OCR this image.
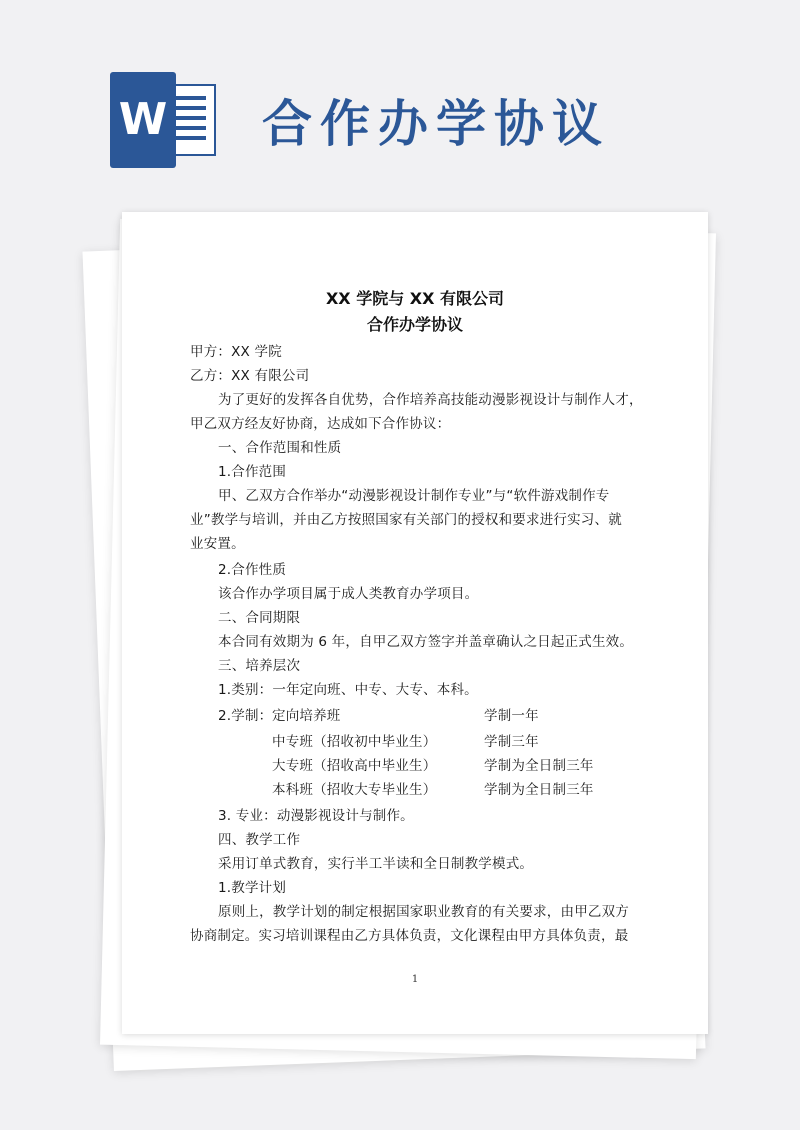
W 合作办学协议
XX 学院与 XX 有限公司
合作办学协议
甲方：XX 学院
乙方：XX 有限公司
为了更好的发挥各自优势，合作培养高技能动漫影视设计与制作人才，
甲乙双方经友好协商，达成如下合作协议：
一、合作范围和性质
1.合作范围
甲、乙双方合作举办“动漫影视设计制作专业”与“软件游戏制作专
业”教学与培训，并由乙方按照国家有关部门的授权和要求进行实习、就
业安置。
2.合作性质
该合作办学项目属于成人类教育办学项目。
二、合同期限
本合同有效期为 6 年，自甲乙双方签字并盖章确认之日起正式生效。
三、培养层次
1.类别：一年定向班、中专、大专、本科。
2.学制： 定向培养班	学制一年
中专班（招收初中毕业生）	学制三年
大专班（招收高中毕业生）	学制为全日制三年
本科班（招收大专毕业生）	学制为全日制三年
3. 专业：动漫影视设计与制作。
四、教学工作
采用订单式教育，实行半工半读和全日制教学模式。
1.教学计划
原则上，教学计划的制定根据国家职业教育的有关要求，由甲乙双方
协商制定。实习培训课程由乙方具体负责，文化课程由甲方具体负责，最
1
